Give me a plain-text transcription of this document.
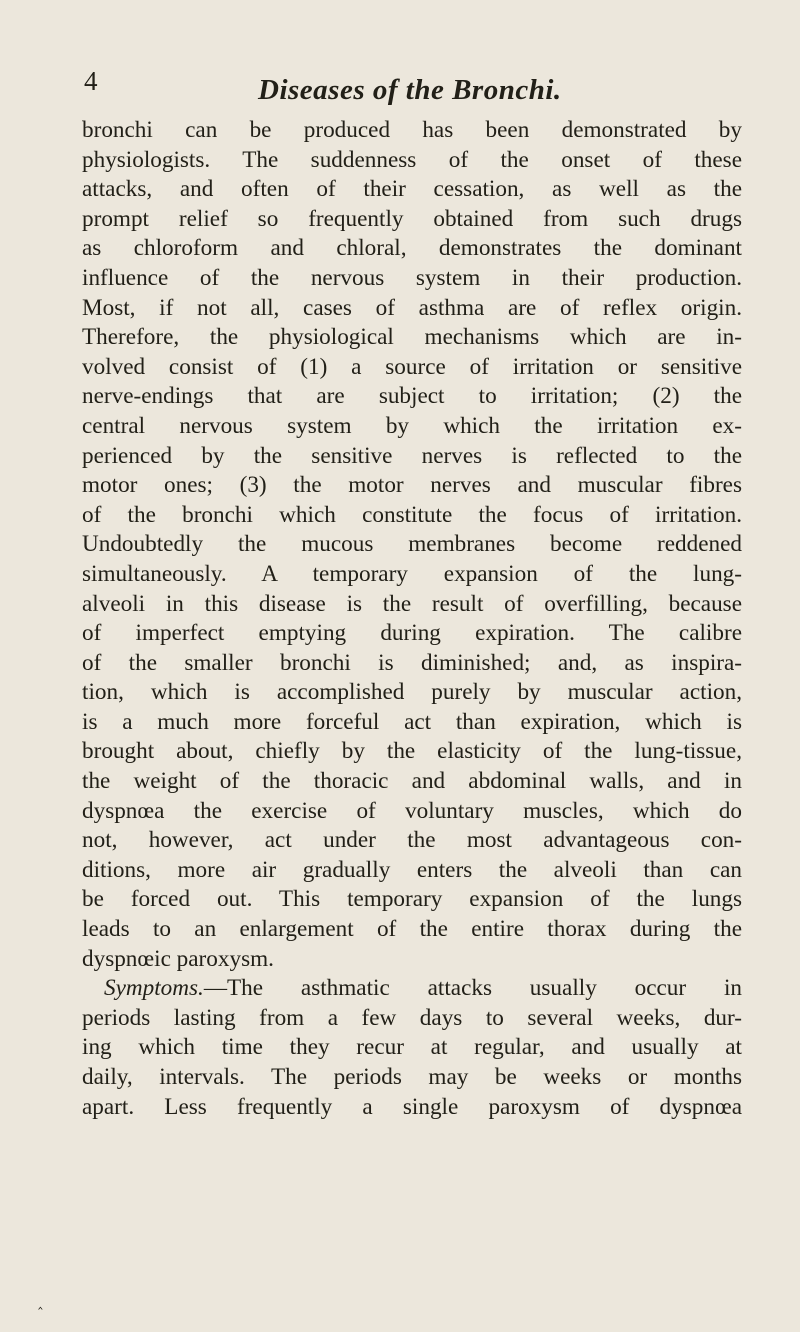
4	Diseases of the Bronchi.
bronchi can be produced has been demonstrated by
physiologists. The suddenness of the onset of these
attacks, and often of their cessation, as well as the
prompt relief so frequently obtained from such drugs
as chloroform and chloral, demonstrates the dominant
influence of the nervous system in their production.
Most, if not all, cases of asthma are of reflex origin.
Therefore, the physiological mechanisms which are in-
volved consist of (1) a source of irritation or sensitive
nerve-endings that are subject to irritation; (2) the
central nervous system by which the irritation ex-
perienced by the sensitive nerves is reflected to the
motor ones; (3) the motor nerves and muscular fibres
of the bronchi which constitute the focus of irritation.
Undoubtedly the mucous membranes become reddened
simultaneously. A temporary expansion of the lung-
alveoli in this disease is the result of overfilling, because
of imperfect emptying during expiration. The calibre
of the smaller bronchi is diminished; and, as inspira-
tion, which is accomplished purely by muscular action,
is a much more forceful act than expiration, which is
brought about, chiefly by the elasticity of the lung-tissue,
the weight of the thoracic and abdominal walls, and in
dyspnœa the exercise of voluntary muscles, which do
not, however, act under the most advantageous con-
ditions, more air gradually enters the alveoli than can
be forced out. This temporary expansion of the lungs
leads to an enlargement of the entire thorax during the
dyspnœic paroxysm.
Symptoms.—The asthmatic attacks usually occur in
periods lasting from a few days to several weeks, dur-
ing which time they recur at regular, and usually at
daily, intervals. The periods may be weeks or months
apart. Less frequently a single paroxysm of dyspnœa
‸
